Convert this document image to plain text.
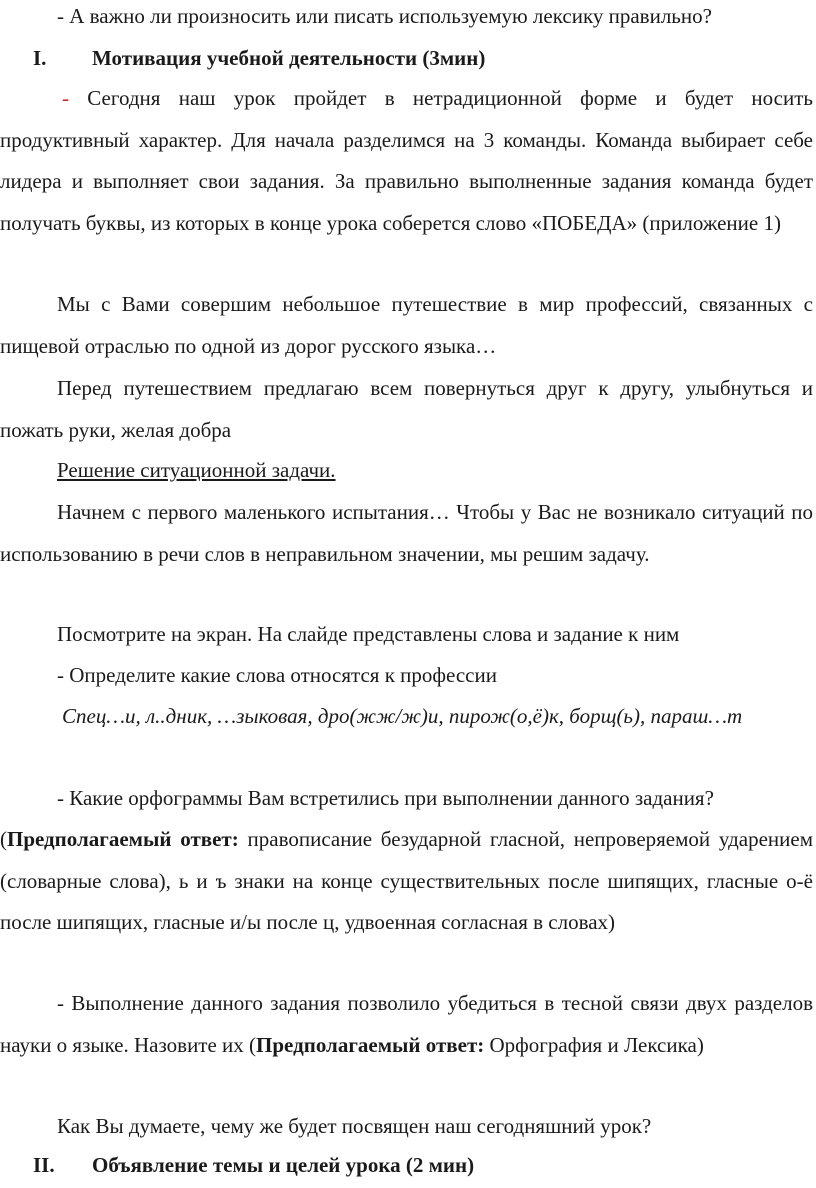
- А важно ли произносить или писать используемую лексику правильно?

I. Мотивация учебной деятельности (3мин)

- Сегодня наш урок пройдет в нетрадиционной форме и будет носить продуктивный характер. Для начала разделимся на 3 команды. Команда выбирает себе лидера и выполняет свои задания. За правильно выполненные задания команда будет получать буквы, из которых в конце урока соберется слово «ПОБЕДА» (приложение 1)

Мы с Вами совершим небольшое путешествие в мир профессий, связанных с пищевой отраслью по одной из дорог русского языка…

Перед путешествием предлагаю всем повернуться друг к другу, улыбнуться и пожать руки, желая добра

Решение ситуационной задачи.

Начнем с первого маленького испытания… Чтобы у Вас не возникало ситуаций по использованию в речи слов в неправильном значении, мы решим задачу.

Посмотрите на экран. На слайде представлены слова и задание к ним

- Определите какие слова относятся к профессии

Спец…и, л..дник, …зыковая, дро(жж/ж)и, пирож(о,ё)к, борщ(ь), параш…т

- Какие орфограммы Вам встретились при выполнении данного задания?

(Предполагаемый ответ: правописание безударной гласной, непроверяемой ударением (словарные слова), ь и ъ знаки на конце существительных после шипящих, гласные о-ё после шипящих, гласные и/ы после ц, удвоенная согласная в словах)

- Выполнение данного задания позволило убедиться в тесной связи двух разделов науки о языке. Назовите их (Предполагаемый ответ: Орфография и Лексика)

Как Вы думаете, чему же будет посвящен наш сегодняшний урок?

II. Объявление темы и целей урока (2 мин)
